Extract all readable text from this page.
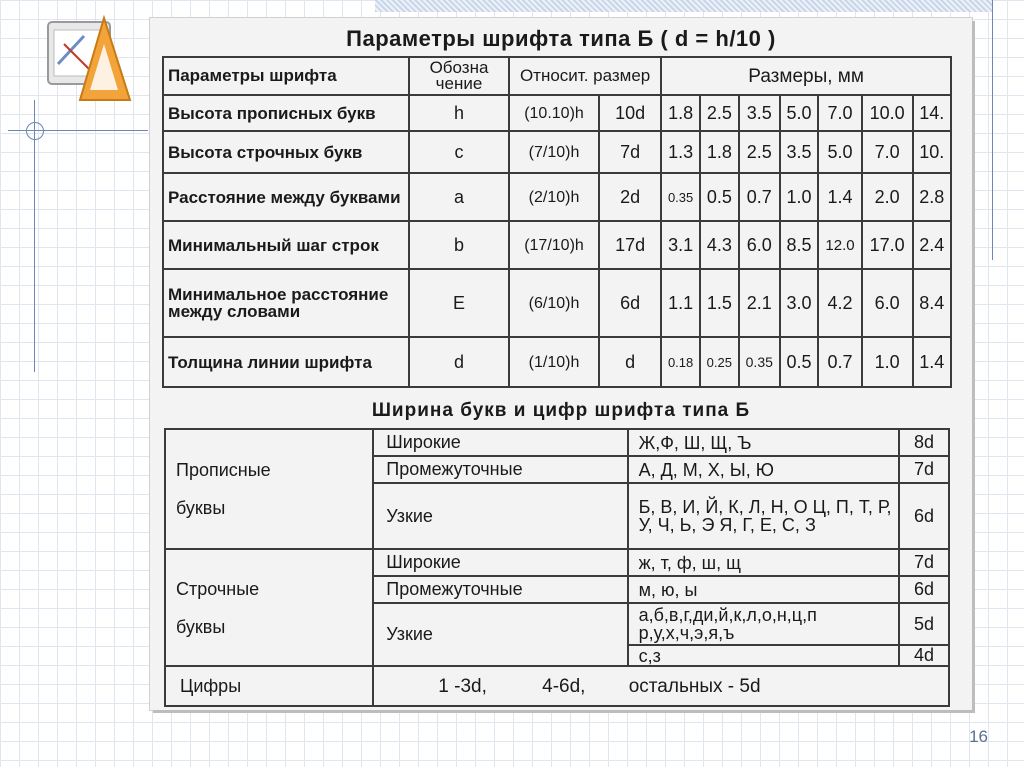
Параметры шрифта типа Б ( d = h/10 )
Параметры шрифта	Обозна чение	Относит. размер		Размеры, мм						
Высота прописных букв	h	(10.10)h	10d	1.8	2.5	3.5	5.0	7.0	10.0	14.
Высота строчных букв	c	(7/10)h	7d	1.3	1.8	2.5	3.5	5.0	7.0	10.
Расстояние между буквами	a	(2/10)h	2d	0.35	0.5	0.7	1.0	1.4	2.0	2.8
Минимальный шаг строк	b	(17/10)h	17d	3.1	4.3	6.0	8.5	12.0	17.0	2.4
Минимальное расстояние между словами	E	(6/10)h	6d	1.1	1.5	2.1	3.0	4.2	6.0	8.4
Толщина линии шрифта	d	(1/10)h	d	0.18	0.25	0.35	0.5	0.7	1.0	1.4
Ширина букв и цифр шрифта типа Б
Прописные
буквы	Широкие	Ж,Ф, Ш, Щ, Ъ	8d
	Промежуточные	А, Д, М, Х, Ы, Ю	7d
	Узкие	Б, В, И, Й, К, Л, Н, О Ц, П, Т, Р, У, Ч, Ь, Э Я, Г, Е, С, З	6d

Строчные
буквы	Широкие	ж, т, ф, ш, щ	7d
	Промежуточные	м, ю, ы	6d
	Узкие	а,б,в,г,ди,й,к,л,о,н,ц,п р,у,х,ч,э,я,ъ	5d
		с,з	4d
Цифры	1 -3d, 4-6d, остальных - 5d		
16
